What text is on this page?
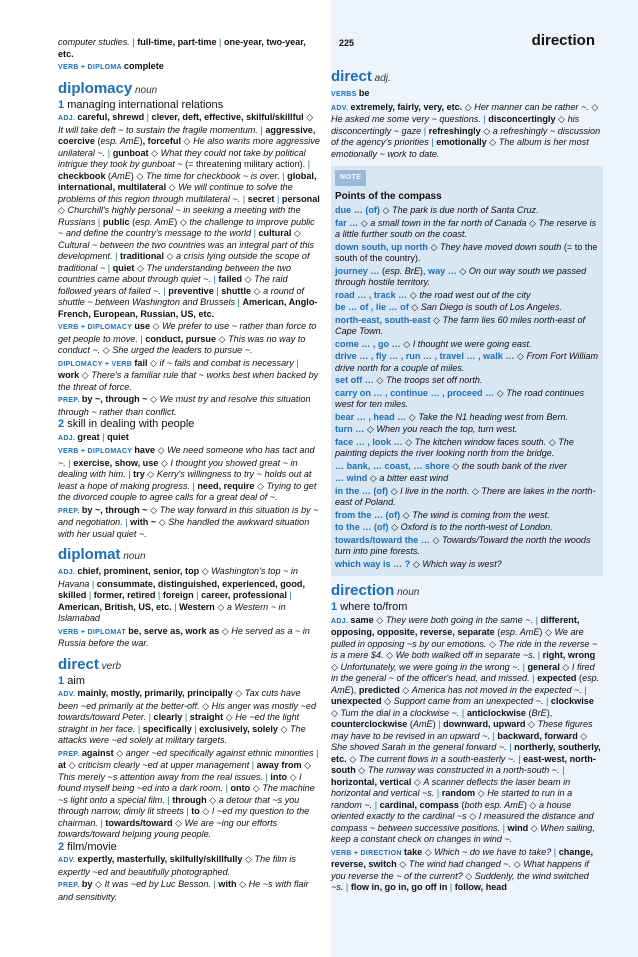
225	direction
computer studies. | full-time, part-time | one-year, two-year, etc.
VERB + DIPLOMA complete
diplomacy noun
1 managing international relations
ADJ. careful, shrewd | clever, deft, effective, skilful/skillful ◇ It will take deft ~ to sustain the fragile momentum. | aggressive, coercive (esp. AmE), forceful ◇ He also wants more aggressive unilateral ~. | gunboat ◇ What they could not take by political intrigue they took by gunboat ~ (= threatening military action). | checkbook (AmE) ◇ The time for checkbook ~ is over. | global, international, multilateral ◇ We will continue to solve the problems of this region through multilateral ~. | secret | personal ◇ Churchill's highly personal ~ in seeking a meeting with the Russians | public (esp. AmE) ◇ the challenge to improve public ~ and define the country's message to the world | cultural ◇ Cultural ~ between the two countries was an integral part of this development. | traditional ◇ a crisis lying outside the scope of traditional ~ | quiet ◇ The understanding between the two countries came about through quiet ~. | failed ◇ The raid followed years of failed ~. | preventive | shuttle ◇ a round of shuttle ~ between Washington and Brussels | American, Anglo-French, European, Russian, US, etc.
VERB + DIPLOMACY use ◇ We prefer to use ~ rather than force to get people to move. | conduct, pursue ◇ This was no way to conduct ~. ◇ She urged the leaders to pursue ~.
DIPLOMACY + VERB fail ◇ if ~ fails and combat is necessary | work ◇ There's a familiar rule that ~ works best when backed by the threat of force.
PREP. by ~, through ~ ◇ We must try and resolve this situation through ~ rather than conflict.
2 skill in dealing with people
ADJ. great | quiet
VERB + DIPLOMACY have ◇ We need someone who has tact and ~. | exercise, show, use ◇ I thought you showed great ~ in dealing with him. | try ◇ Kerry's willingness to try ~ holds out at least a hope of making progress. | need, require ◇ Trying to get the divorced couple to agree calls for a great deal of ~.
PREP. by ~, through ~ ◇ The way forward in this situation is by ~ and negotiation. | with ~ ◇ She handled the awkward situation with her usual quiet ~.
diplomat noun
ADJ. chief, prominent, senior, top ◇ Washington's top ~ in Havana | consummate, distinguished, experienced, good, skilled | former, retired | foreign | career, professional | American, British, US, etc. | Western ◇ a Western ~ in Islamabad
VERB + DIPLOMAT be, serve as, work as ◇ He served as a ~ in Russia before the war.
direct verb
1 aim
ADV. mainly, mostly, primarily, principally ◇ Tax cuts have been ~ed primarily at the better-off. ◇ His anger was mostly ~ed towards/toward Peter. | clearly | straight ◇ He ~ed the light straight in her face. | specifically | exclusively, solely ◇ The attacks were ~ed solely at military targets.
PREP. against ◇ anger ~ed specifically against ethnic minorities | at ◇ criticism clearly ~ed at upper management | away from ◇ This merely ~s attention away from the real issues. | into ◇ I found myself being ~ed into a dark room. | onto ◇ The machine ~s light onto a special film. | through ◇ a detour that ~s you through narrow, dimly lit streets | to ◇ I ~ed my question to the chairman. | towards/toward ◇ We are ~ing our efforts towards/toward helping young people.
2 film/movie
ADV. expertly, masterfully, skilfully/skillfully ◇ The film is expertly ~ed and beautifully photographed.
PREP. by ◇ It was ~ed by Luc Besson. | with ◇ He ~s with flair and sensitivity.
direct adj.
VERBS be
ADV. extremely, fairly, very, etc. ◇ Her manner can be rather ~. ◇ He asked me some very ~ questions. | disconcertingly ◇ his disconcertingly ~ gaze | refreshingly ◇ a refreshingly ~ discussion of the agency's priorities | emotionally ◇ The album is her most emotionally ~ work to date.
NOTE
Points of the compass
due … (of) ◇ The park is due north of Santa Cruz.
far … ◇ a small town in the far north of Canada ◇ The reserve is a little further south on the coast.
down south, up north ◇ They have moved down south (= to the south of the country).
journey … (esp. BrE), way … ◇ On our way south we passed through hostile territory.
road … , track … ◇ the road west out of the city
be … of , lie … of ◇ San Diego is south of Los Angeles.
north-east, south-east ◇ The farm lies 60 miles north-east of Cape Town.
come … , go … ◇ I thought we were going east.
drive … , fly … , run … , travel … , walk … ◇ From Fort William drive north for a couple of miles.
set off … ◇ The troops set off north.
carry on … , continue … , proceed … ◇ The road continues west for ten miles.
bear … , head … ◇ Take the N1 heading west from Bern.
turn … ◇ When you reach the top, turn west.
face … , look … ◇ The kitchen window faces south. ◇ The painting depicts the river looking north from the bridge.
… bank, … coast, … shore ◇ the south bank of the river
… wind ◇ a bitter east wind
in the … (of) ◇ I live in the north. ◇ There are lakes in the north-east of Poland.
from the … (of) ◇ The wind is coming from the west.
to the … (of) ◇ Oxford is to the north-west of London.
towards/toward the … ◇ Towards/Toward the north the woods turn into pine forests.
which way is … ? ◇ Which way is west?
direction noun
1 where to/from
ADJ. same ◇ They were both going in the same ~. | different, opposing, opposite, reverse, separate (esp. AmE) ◇ We are pulled in opposing ~s by our emotions. ◇ The ride in the reverse ~ is a mere $4. ◇ We both walked off in separate ~s. | right, wrong ◇ Unfortunately, we were going in the wrong ~. | general ◇ I fired in the general ~ of the officer's head, and missed. | expected (esp. AmE), predicted ◇ America has not moved in the expected ~. | unexpected ◇ Support came from an unexpected ~. | clockwise ◇ Turn the dial in a clockwise ~. | anticlockwise (BrE), counterclockwise (AmE) | downward, upward ◇ These figures may have to be revised in an upward ~. | backward, forward ◇ She shoved Sarah in the general forward ~. | northerly, southerly, etc. ◇ The current flows in a south-easterly ~. | east-west, north-south ◇ The runway was constructed in a north-south ~. | horizontal, vertical ◇ A scanner deflects the laser beam in horizontal and vertical ~s. | random ◇ He started to run in a random ~. | cardinal, compass (both esp. AmE) ◇ a house oriented exactly to the cardinal ~s ◇ I measured the distance and compass ~ between successive positions. | wind ◇ When sailing, keep a constant check on changes in wind ~.
VERB + DIRECTION take ◇ Which ~ do we have to take? | change, reverse, switch ◇ The wind had changed ~. ◇ What happens if you reverse the ~ of the current? ◇ Suddenly, the wind switched ~s. | flow in, go in, go off in | follow, head
